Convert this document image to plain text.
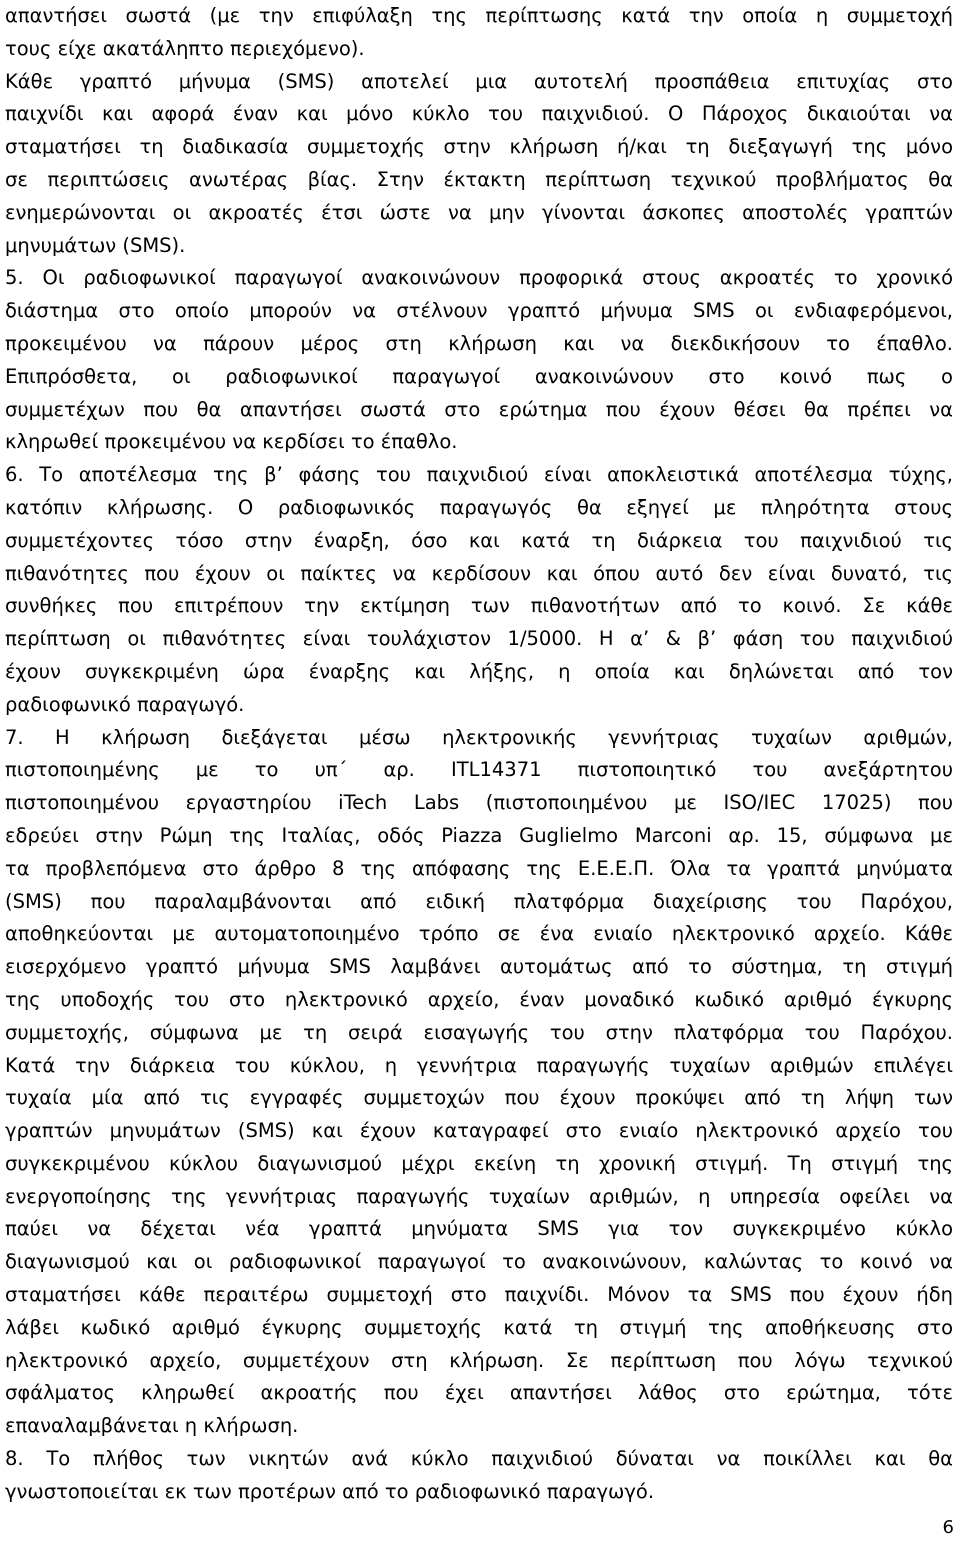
απαντήσει σωστά (με την επιφύλαξη της περίπτωσης κατά την οποία η συμμετοχή
τους είχε ακατάληπτο περιεχόμενο).
Κάθε γραπτό μήνυμα (SMS) αποτελεί μια αυτοτελή προσπάθεια επιτυχίας στο
παιχνίδι και αφορά έναν και μόνο κύκλο του παιχνιδιού. Ο Πάροχος δικαιούται να
σταματήσει τη διαδικασία συμμετοχής στην κλήρωση ή/και τη διεξαγωγή της μόνο
σε περιπτώσεις ανωτέρας βίας. Στην έκτακτη περίπτωση τεχνικού προβλήματος θα
ενημερώνονται οι ακροατές έτσι ώστε να μην γίνονται άσκοπες αποστολές γραπτών
μηνυμάτων (SMS).
5. Οι ραδιοφωνικοί παραγωγοί ανακοινώνουν προφορικά στους ακροατές το χρονικό
διάστημα στο οποίο μπορούν να στέλνουν γραπτό μήνυμα SMS οι ενδιαφερόμενοι,
προκειμένου να πάρουν μέρος στη κλήρωση και να διεκδικήσουν το έπαθλο.
Επιπρόσθετα, οι ραδιοφωνικοί παραγωγοί ανακοινώνουν στο κοινό πως ο
συμμετέχων που θα απαντήσει σωστά στο ερώτημα που έχουν θέσει θα πρέπει να
κληρωθεί προκειμένου να κερδίσει το έπαθλο.
6. Το αποτέλεσμα της β’ φάσης του παιχνιδιού είναι αποκλειστικά αποτέλεσμα τύχης,
κατόπιν κλήρωσης. Ο ραδιοφωνικός παραγωγός θα εξηγεί με πληρότητα στους
συμμετέχοντες τόσο στην έναρξη, όσο και κατά τη διάρκεια του παιχνιδιού τις
πιθανότητες που έχουν οι παίκτες να κερδίσουν και όπου αυτό δεν είναι δυνατό, τις
συνθήκες που επιτρέπουν την εκτίμηση των πιθανοτήτων από το κοινό. Σε κάθε
περίπτωση οι πιθανότητες είναι τουλάχιστον 1/5000. Η α’ & β’ φάση του παιχνιδιού
έχουν συγκεκριμένη ώρα έναρξης και λήξης, η οποία και δηλώνεται από τον
ραδιοφωνικό παραγωγό.
7. Η κλήρωση διεξάγεται μέσω ηλεκτρονικής γεννήτριας τυχαίων αριθμών,
πιστοποιημένης με το υπ΄ αρ. ITL14371 πιστοποιητικό του ανεξάρτητου
πιστοποιημένου εργαστηρίου iTech Labs (πιστοποιημένου με ISO/IEC 17025) που
εδρεύει στην Ρώμη της Ιταλίας, οδός Piazza Guglielmo Marconi αρ. 15, σύμφωνα με
τα προβλεπόμενα στο άρθρο 8 της απόφασης της Ε.Ε.Ε.Π. Όλα τα γραπτά μηνύματα
(SMS) που παραλαμβάνονται από ειδική πλατφόρμα διαχείρισης του Παρόχου,
αποθηκεύονται με αυτοματοποιημένο τρόπο σε ένα ενιαίο ηλεκτρονικό αρχείο. Κάθε
εισερχόμενο γραπτό μήνυμα SMS λαμβάνει αυτομάτως από το σύστημα, τη στιγμή
της υποδοχής του στο ηλεκτρονικό αρχείο, έναν μοναδικό κωδικό αριθμό έγκυρης
συμμετοχής, σύμφωνα με τη σειρά εισαγωγής του στην πλατφόρμα του Παρόχου.
Κατά την διάρκεια του κύκλου, η γεννήτρια παραγωγής τυχαίων αριθμών επιλέγει
τυχαία μία από τις εγγραφές συμμετοχών που έχουν προκύψει από τη λήψη των
γραπτών μηνυμάτων (SMS) και έχουν καταγραφεί στο ενιαίο ηλεκτρονικό αρχείο του
συγκεκριμένου κύκλου διαγωνισμού μέχρι εκείνη τη χρονική στιγμή. Τη στιγμή της
ενεργοποίησης της γεννήτριας παραγωγής τυχαίων αριθμών, η υπηρεσία οφείλει να
παύει να δέχεται νέα γραπτά μηνύματα SMS για τον συγκεκριμένο κύκλο
διαγωνισμού και οι ραδιοφωνικοί παραγωγοί το ανακοινώνουν, καλώντας το κοινό να
σταματήσει κάθε περαιτέρω συμμετοχή στο παιχνίδι. Μόνον τα SMS που έχουν ήδη
λάβει κωδικό αριθμό έγκυρης συμμετοχής κατά τη στιγμή της αποθήκευσης στο
ηλεκτρονικό αρχείο, συμμετέχουν στη κλήρωση. Σε περίπτωση που λόγω τεχνικού
σφάλματος κληρωθεί ακροατής που έχει απαντήσει λάθος στο ερώτημα, τότε
επαναλαμβάνεται η κλήρωση.
8. Το πλήθος των νικητών ανά κύκλο παιχνιδιού δύναται να ποικίλλει και θα
γνωστοποιείται εκ των προτέρων από το ραδιοφωνικό παραγωγό.
6
